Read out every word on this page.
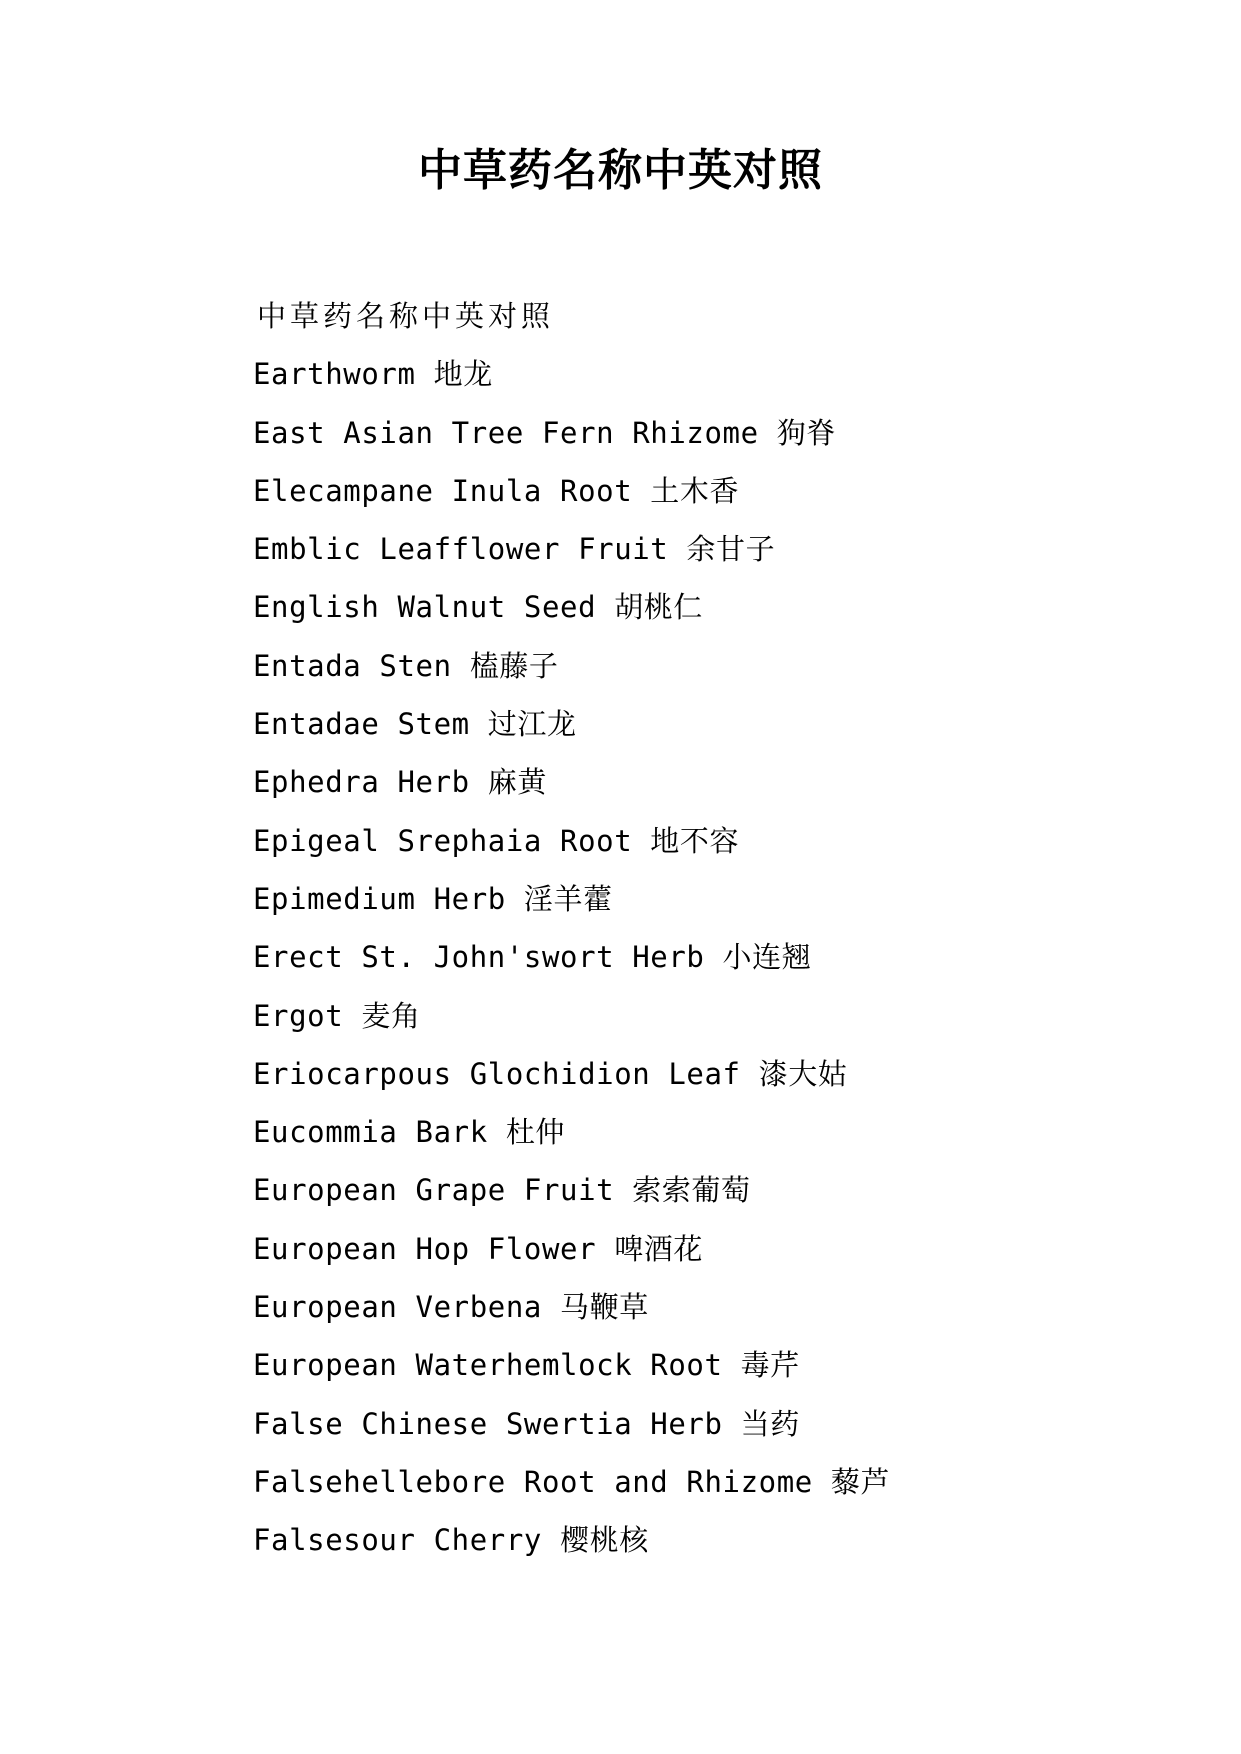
中草药名称中英对照
中草药名称中英对照
Earthworm 地龙
East Asian Tree Fern Rhizome 狗脊
Elecampane Inula Root 土木香
Emblic Leafflower Fruit 余甘子
English Walnut Seed 胡桃仁
Entada Sten 榼藤子
Entadae Stem 过江龙
Ephedra Herb 麻黄
Epigeal Srephaia Root 地不容
Epimedium Herb 淫羊藿
Erect St. John'swort Herb 小连翘
Ergot 麦角
Eriocarpous Glochidion Leaf 漆大姑
Eucommia Bark 杜仲
European Grape Fruit 索索葡萄
European Hop Flower 啤酒花
European Verbena 马鞭草
European Waterhemlock Root 毒芹
False Chinese Swertia Herb 当药
Falsehellebore Root and Rhizome 藜芦
Falsesour Cherry 樱桃核
